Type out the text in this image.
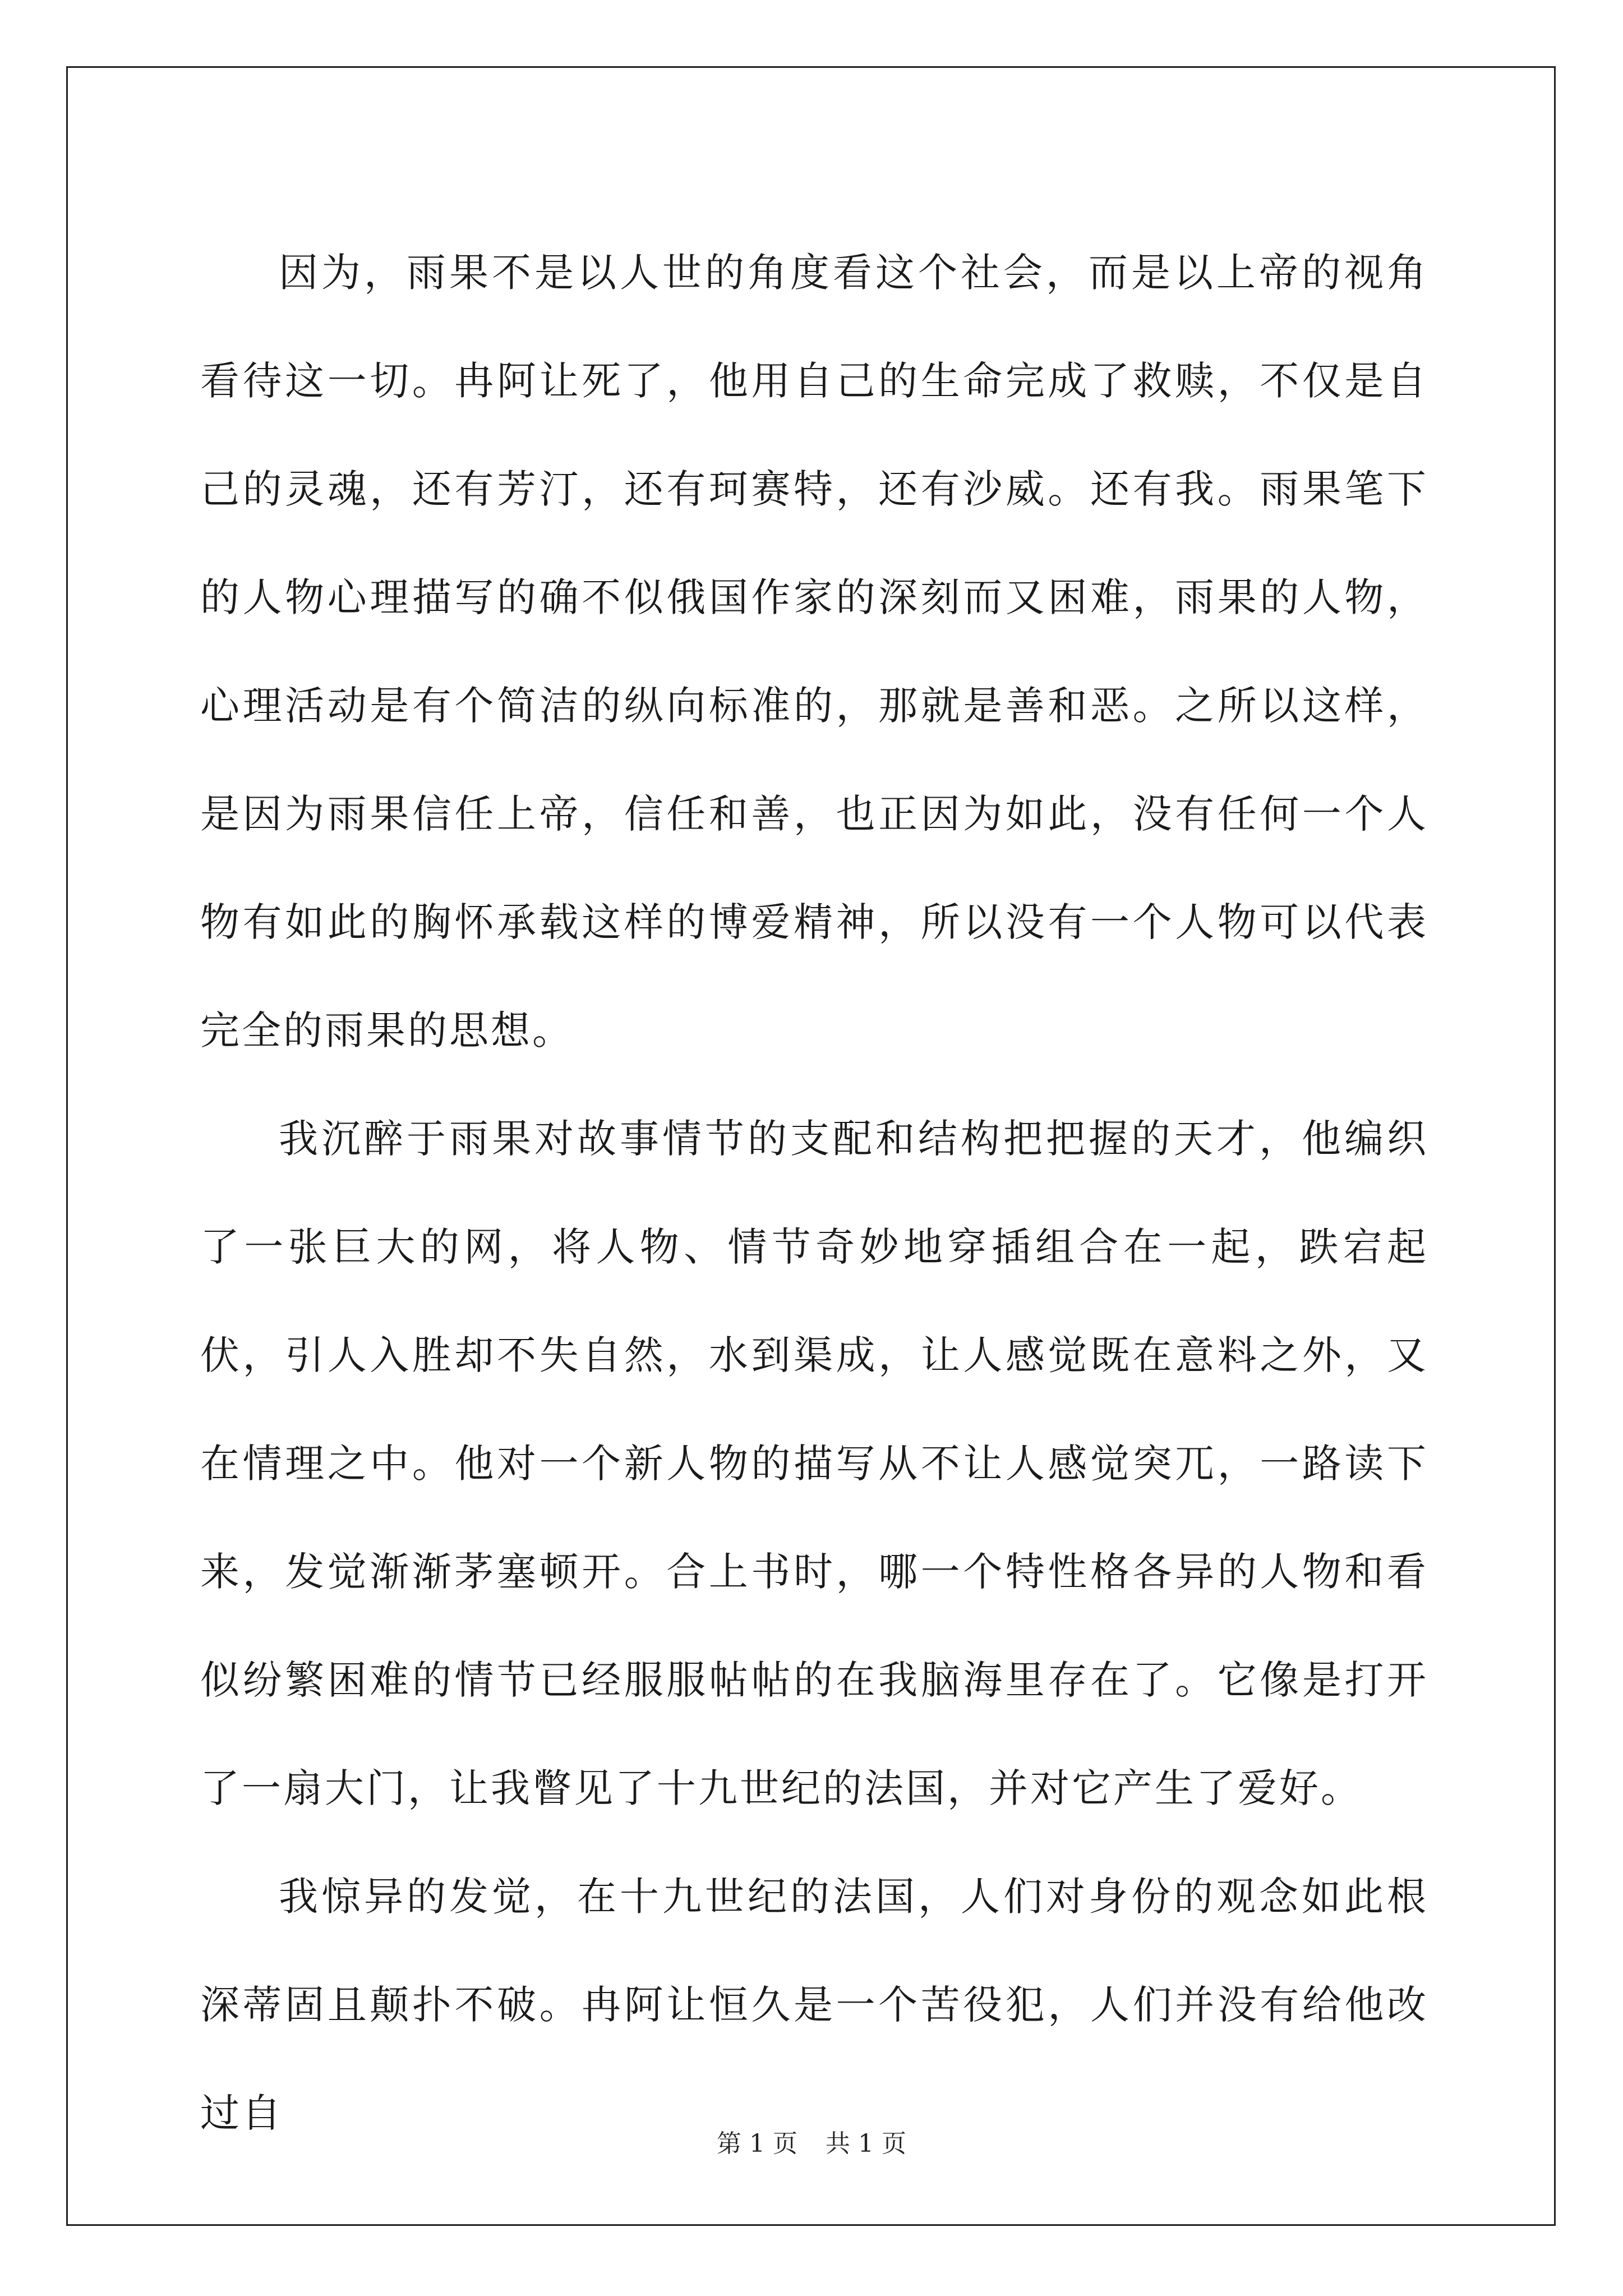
因为，雨果不是以人世的角度看这个社会，而是以上帝的视角看待这一切。冉阿让死了，他用自己的生命完成了救赎，不仅是自己的灵魂，还有芳汀，还有珂赛特，还有沙威。还有我。雨果笔下的人物心理描写的确不似俄国作家的深刻而又困难，雨果的人物，心理活动是有个简洁的纵向标准的，那就是善和恶。之所以这样，是因为雨果信任上帝，信任和善，也正因为如此，没有任何一个人物有如此的胸怀承载这样的博爱精神，所以没有一个人物可以代表完全的雨果的思想。

我沉醉于雨果对故事情节的支配和结构把把握的天才，他编织了一张巨大的网，将人物、情节奇妙地穿插组合在一起，跌宕起伏，引人入胜却不失自然，水到渠成，让人感觉既在意料之外，又在情理之中。他对一个新人物的描写从不让人感觉突兀，一路读下来，发觉渐渐茅塞顿开。合上书时，哪一个特性格各异的人物和看似纷繁困难的情节已经服服帖帖的在我脑海里存在了。它像是打开了一扇大门，让我瞥见了十九世纪的法国，并对它产生了爱好。

我惊异的发觉，在十九世纪的法国，人们对身份的观念如此根深蒂固且颠扑不破。冉阿让恒久是一个苦役犯，人们并没有给他改过自

第 1 页 共 1 页
